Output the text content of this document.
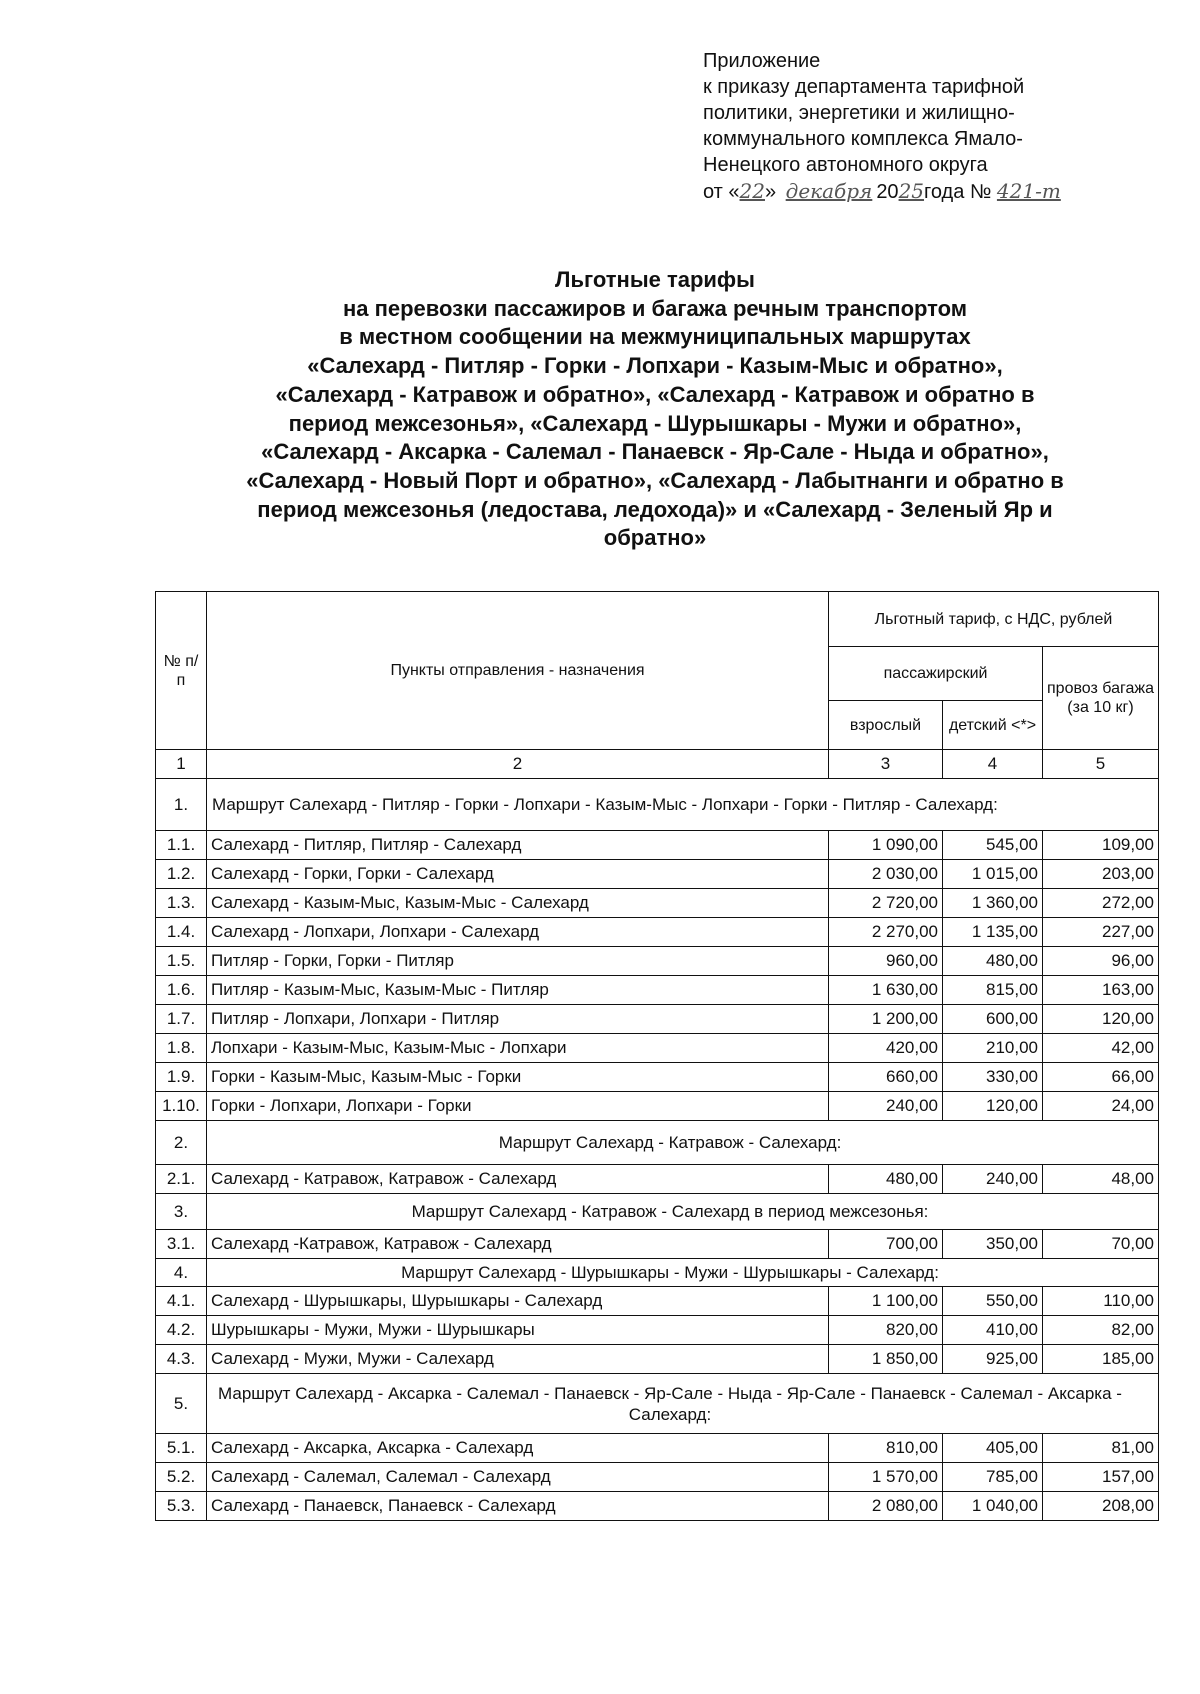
Приложение
к приказу департамента тарифной
политики, энергетики и жилищно-
коммунального комплекса Ямало-
Ненецкого автономного округа
от «22» декабря 2025года № 421-т
Льготные тарифы
на перевозки пассажиров и багажа речным транспортом
в местном сообщении на межмуниципальных маршрутах
«Салехард - Питляр - Горки - Лопхари - Казым-Мыс и обратно»,
«Салехард - Катравож и обратно», «Салехард - Катравож и обратно в
период межсезонья», «Салехард - Шурышкары - Мужи и обратно»,
«Салехард - Аксарка - Салемал - Панаевск - Яр-Сале - Ныда и обратно»,
«Салехард - Новый Порт и обратно», «Салехард - Лабытнанги и обратно в
период межсезонья (ледостава, ледохода)» и «Салехард - Зеленый Яр и
обратно»
№ п/п	Пункты отправления - назначения	Льготный тариф, с НДС, рублей		
		пассажирский		провоз багажа (за 10 кг)
		взрослый	детский <*>	
1	2	3	4	5
1.	Маршрут Салехард - Питляр - Горки - Лопхари - Казым-Мыс - Лопхари - Горки - Питляр - Салехард:			
1.1.	Салехард - Питляр, Питляр - Салехард	1 090,00	545,00	109,00
1.2.	Салехард - Горки, Горки - Салехард	2 030,00	1 015,00	203,00
1.3.	Салехард - Казым-Мыс, Казым-Мыс - Салехард	2 720,00	1 360,00	272,00
1.4.	Салехард - Лопхари, Лопхари - Салехард	2 270,00	1 135,00	227,00
1.5.	Питляр - Горки, Горки - Питляр	960,00	480,00	96,00
1.6.	Питляр - Казым-Мыс, Казым-Мыс - Питляр	1 630,00	815,00	163,00
1.7.	Питляр - Лопхари, Лопхари - Питляр	1 200,00	600,00	120,00
1.8.	Лопхари - Казым-Мыс, Казым-Мыс - Лопхари	420,00	210,00	42,00
1.9.	Горки - Казым-Мыс, Казым-Мыс - Горки	660,00	330,00	66,00
1.10.	Горки - Лопхари, Лопхари - Горки	240,00	120,00	24,00
2.	Маршрут Салехард - Катравож - Салехард:			
2.1.	Салехард - Катравож, Катравож - Салехард	480,00	240,00	48,00
3.	Маршрут Салехард - Катравож - Салехард в период межсезонья:			
3.1.	Салехард -Катравож, Катравож - Салехард	700,00	350,00	70,00
4.	Маршрут Салехард - Шурышкары - Мужи - Шурышкары - Салехард:			
4.1.	Салехард - Шурышкары, Шурышкары - Салехард	1 100,00	550,00	110,00
4.2.	Шурышкары - Мужи, Мужи - Шурышкары	820,00	410,00	82,00
4.3.	Салехард - Мужи, Мужи - Салехард	1 850,00	925,00	185,00
5.	Маршрут Салехард - Аксарка - Салемал - Панаевск - Яр-Сале - Ныда - Яр-Сале - Панаевск - Салемал - Аксарка - Салехард:			
5.1.	Салехард - Аксарка, Аксарка - Салехард	810,00	405,00	81,00
5.2.	Салехард - Салемал, Салемал - Салехард	1 570,00	785,00	157,00
5.3.	Салехард - Панаевск, Панаевск - Салехард	2 080,00	1 040,00	208,00
